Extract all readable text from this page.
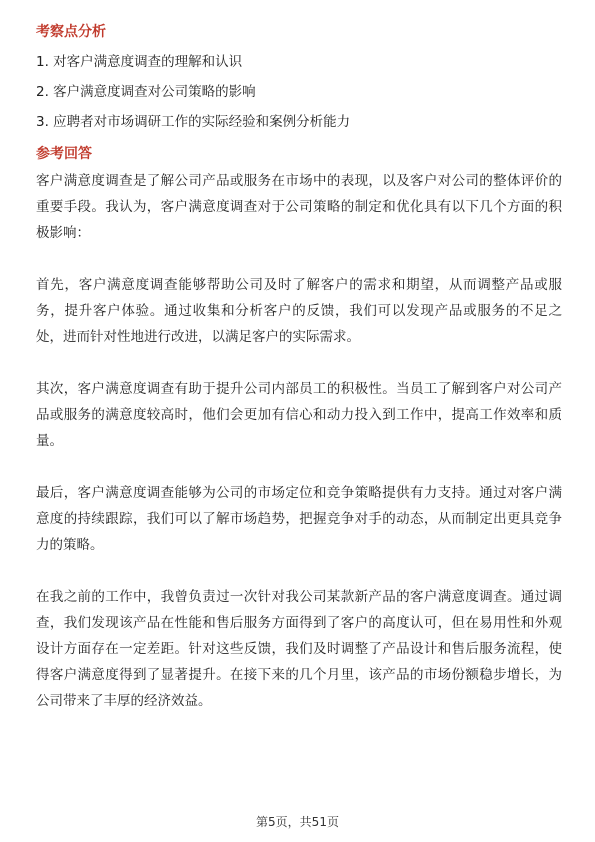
考察点分析

1. 对客户满意度调查的理解和认识

2. 客户满意度调查对公司策略的影响

3. 应聘者对市场调研工作的实际经验和案例分析能力

参考回答

客户满意度调查是了解公司产品或服务在市场中的表现，以及客户对公司的整体评价的重要手段。我认为，客户满意度调查对于公司策略的制定和优化具有以下几个方面的积极影响：

首先，客户满意度调查能够帮助公司及时了解客户的需求和期望，从而调整产品或服务，提升客户体验。通过收集和分析客户的反馈，我们可以发现产品或服务的不足之处，进而针对性地进行改进，以满足客户的实际需求。

其次，客户满意度调查有助于提升公司内部员工的积极性。当员工了解到客户对公司产品或服务的满意度较高时，他们会更加有信心和动力投入到工作中，提高工作效率和质量。

最后，客户满意度调查能够为公司的市场定位和竞争策略提供有力支持。通过对客户满意度的持续跟踪，我们可以了解市场趋势，把握竞争对手的动态，从而制定出更具竞争力的策略。

在我之前的工作中，我曾负责过一次针对我公司某款新产品的客户满意度调查。通过调查，我们发现该产品在性能和售后服务方面得到了客户的高度认可，但在易用性和外观设计方面存在一定差距。针对这些反馈，我们及时调整了产品设计和售后服务流程，使得客户满意度得到了显著提升。在接下来的几个月里，该产品的市场份额稳步增长，为公司带来了丰厚的经济效益。

第5页，共51页
